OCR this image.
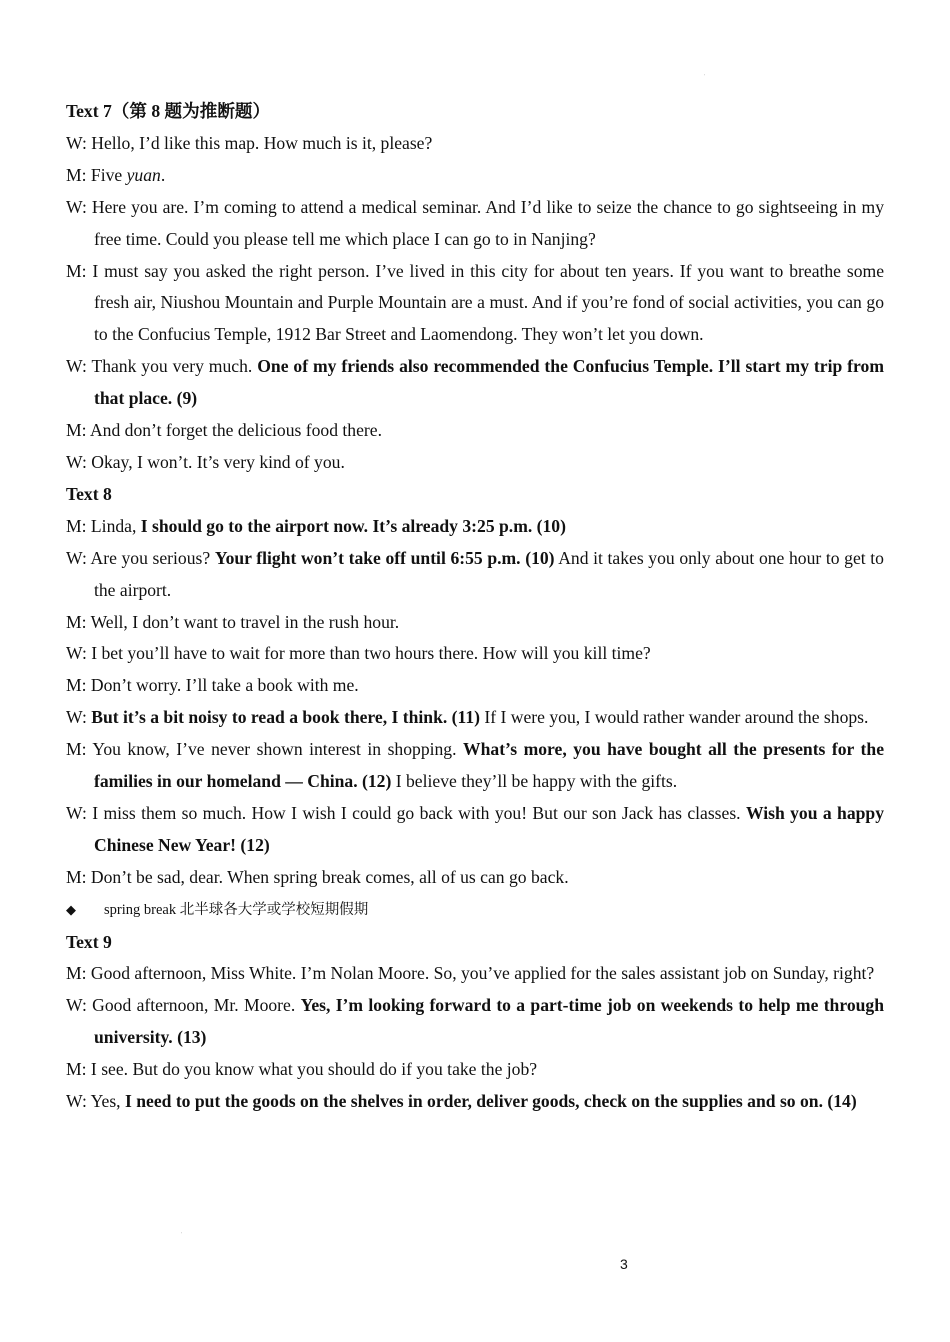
Text 7（第 8 题为推断题）

W: Hello, I’d like this map. How much is it, please?

M: Five yuan.

W: Here you are. I’m coming to attend a medical seminar. And I’d like to seize the chance to go sightseeing in my free time. Could you please tell me which place I can go to in Nanjing?

M: I must say you asked the right person. I’ve lived in this city for about ten years. If you want to breathe some fresh air, Niushou Mountain and Purple Mountain are a must. And if you’re fond of social activities, you can go to the Confucius Temple, 1912 Bar Street and Laomendong. They won’t let you down.

W: Thank you very much. One of my friends also recommended the Confucius Temple. I’ll start my trip from that place. (9)

M: And don’t forget the delicious food there.

W: Okay, I won’t. It’s very kind of you.

Text 8

M: Linda, I should go to the airport now. It’s already 3:25 p.m. (10)

W: Are you serious? Your flight won’t take off until 6:55 p.m. (10) And it takes you only about one hour to get to the airport.

M: Well, I don’t want to travel in the rush hour.

W: I bet you’ll have to wait for more than two hours there. How will you kill time?

M: Don’t worry. I’ll take a book with me.

W: But it’s a bit noisy to read a book there, I think. (11) If I were you, I would rather wander around the shops.

M: You know, I’ve never shown interest in shopping. What’s more, you have bought all the presents for the families in our homeland — China. (12) I believe they’ll be happy with the gifts.

W: I miss them so much. How I wish I could go back with you! But our son Jack has classes. Wish you a happy Chinese New Year! (12)

M: Don’t be sad, dear. When spring break comes, all of us can go back.

◆ spring break 北半球各大学或学校短期假期

Text 9

M: Good afternoon, Miss White. I’m Nolan Moore. So, you’ve applied for the sales assistant job on Sunday, right?

W: Good afternoon, Mr. Moore. Yes, I’m looking forward to a part-time job on weekends to help me through university. (13)

M: I see. But do you know what you should do if you take the job?

W: Yes, I need to put the goods on the shelves in order, deliver goods, check on the supplies and so on. (14)

'
'
3
